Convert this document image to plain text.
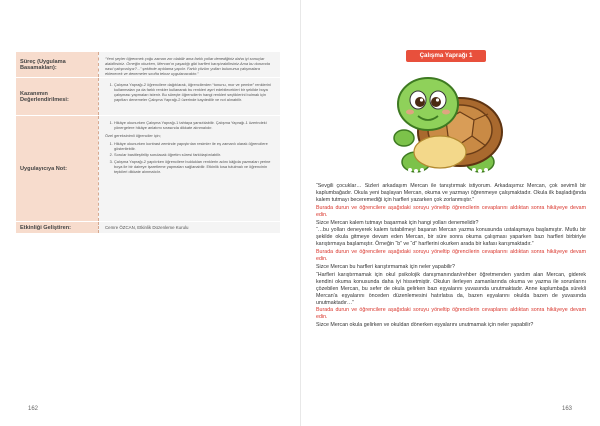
Süreç (Uygulama Basamakları):

“Yeni şeyler öğrenmek çoğu zaman zor olabilir ama farklı yollar denediğiniz daha iyi sonuçlar alabilirsiniz. Örneğin okurken, Mercan'ın yaşadığı gibi harfleri karıştırabilirsiniz.Ama bu durumda nasıl çalışmalıyız?...” şeklinde açıklama yapılır. Farklı çözüm yolları bulunursa çalışmalara eklenecek ve denemeler sınıfta tekrar uygulanacaktır.”

Kazanımın Değerlendirilmesi:
1. Çalışma Yaprağı-2 öğrencilere dağıtılarak, öğrencilerden “tonunu, mor ve pembe” renklerini kullanmaları ya da farklı renkler kullanarak bu renkleri ayırt edebilecekleri bir şekilde boya çalışması yapmaları istenir. Bu süreçte öğrencilerin hangi renkleri seçtiklerini bulmak için yapıtları denemeler Çalışma Yaprağı-2 üzerinde kaydedilir ve not alınabilir.
Uygulayıcıya Not:
1. Hikâye okunurken Çalışma Yaprağı-1 tahtaya yansıtılabilir. Çalışma Yaprağı-1 üzerindeki yönergelere hikâye anlatımı sırasında dikkate alınmalıdır.

Özel gereksinimli öğrenciler için;

1. Hikâye okunurken kontrast zeminde yapıştırılan resimler ile eş zamanlı olarak öğrencilere gösterilebilir.
2. Sorular basitleştirilip sorulacak öğretim süresi farklılaştırılabilir.
3. Çalışma Yaprağı-2 yapılırken öğrencilere buldukları renklerin adını kâğıda yazmaları yerine boya ile bir daireye işaretleme yapmaları sağlanabilir. Etkinlik kısa tutulmalı ve öğrencinin tepkileri dikkate alınmalıdır.
Etkinliği Geliştiren:	Cemre ÖZCAN, Etkinlik Düzenleme Kurulu
162	163
Çalışma Yaprağı 1

“Sevgili çocuklar… Sizleri arkadaşım Mercan ile tanıştırmak istiyorum. Arkadaşımız Mercan, çok sevimli bir kaplumbağadır. Okula yeni başlayan Mercan, okuma ve yazmayı öğrenmeye çalışmaktadır. Okula ilk başladığında kalem tutmayı beceremediği için harfleri yazarken çok zorlanmıştır.”

Burada durun ve öğrencilere aşağıdaki soruyu yöneltip öğrencilerin cevaplarını aldıktan sonra hikâyeye devam edin.

Sizce Mercan kalem tutmayı başarmak için hangi yolları denemelidir?

“…bu yolları deneyerek kalem tutabilmeyi başaran Mercan yazma konusunda ustalaşmaya başlamıştır. Mutlu bir şekilde okula gitmeye devam eden Mercan, bir süre sonra okuma çalışması yaparken bazı harfleri birbiriyle karıştırmaya başlamıştır. Örneğin “b” ve “d” harflerini okurken arada bir kafası karışmaktadır.”

Burada durun ve öğrencilere aşağıdaki soruyu yöneltip öğrencilerin cevaplarını aldıktan sonra hikâyeye devam edin.

Sizce Mercan bu harfleri karıştırmamak için neler yapabilir?

“Harfleri karıştırmamak için okul psikolojik danışmanından/rehber öğretmenden yardım alan Mercan, giderek kendini okuma konusunda daha iyi hissetmiştir. Okulun ilerleyen zamanlarında okuma ve yazma ile sorunlarını çözebilen Mercan, bu sefer de okula gelirken bazı eşyalarını yuvasında unutmaktadır. Anne kaplumbağa sürekli Mercan'a eşyalarını önceden düzenlemesini hatırlatsa da, bazen eşyalarını okulda bazen de yuvasında unutmaktadır…”

Burada durun ve öğrencilere aşağıdaki soruyu yöneltip öğrencilerin cevaplarını aldıktan sonra hikâyeye devam edin.

Sizce Mercan okula gelirken ve okuldan dönerken eşyalarını unutmamak için neler yapabilir?
